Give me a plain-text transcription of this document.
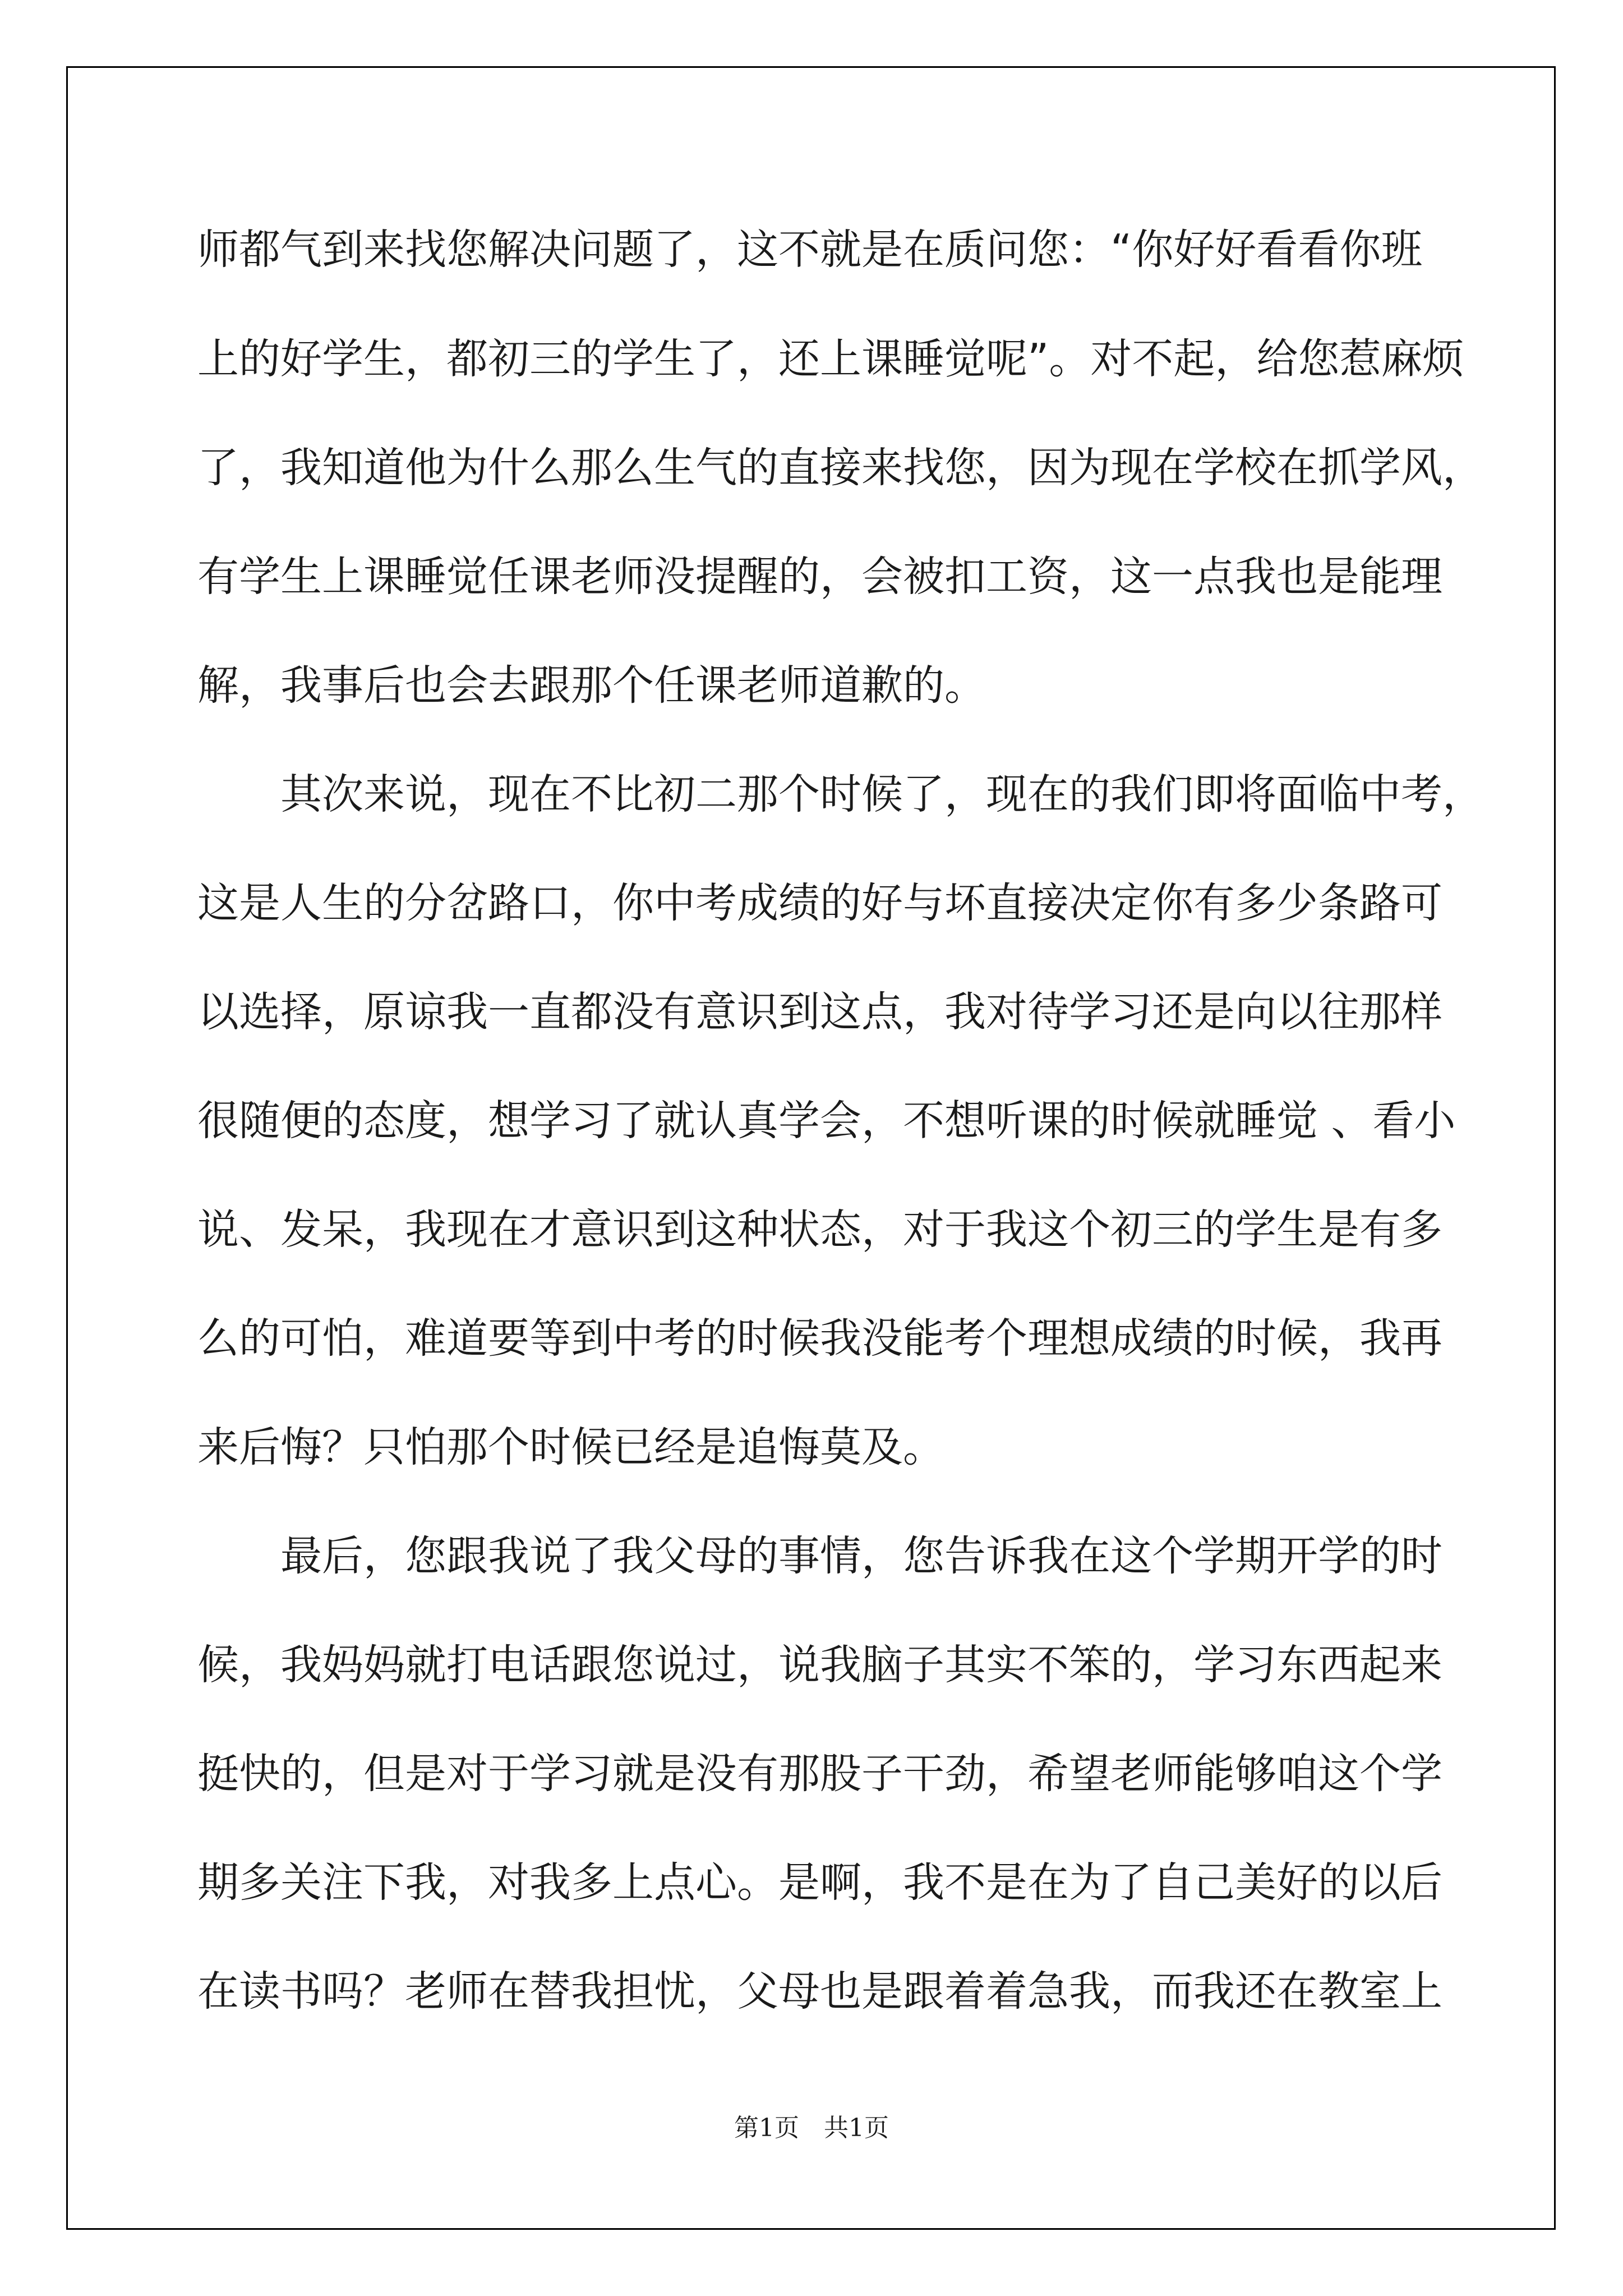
师都气到来找您解决问题了，这不就是在质问您：“你好好看看你班
上的好学生，都初三的学生了，还上课睡觉呢”。对不起，给您惹麻烦
了，我知道他为什么那么生气的直接来找您，因为现在学校在抓学风，
有学生上课睡觉任课老师没提醒的，会被扣工资，这一点我也是能理
解，我事后也会去跟那个任课老师道歉的。
　　其次来说，现在不比初二那个时候了，现在的我们即将面临中考，
这是人生的分岔路口，你中考成绩的好与坏直接决定你有多少条路可
以选择，原谅我一直都没有意识到这点，我对待学习还是向以往那样
很随便的态度，想学习了就认真学会，不想听课的时候就睡觉 、看小
说、发呆，我现在才意识到这种状态，对于我这个初三的学生是有多
么的可怕，难道要等到中考的时候我没能考个理想成绩的时候，我再
来后悔？只怕那个时候已经是追悔莫及。
　　最后，您跟我说了我父母的事情，您告诉我在这个学期开学的时
候，我妈妈就打电话跟您说过，说我脑子其实不笨的，学习东西起来
挺快的，但是对于学习就是没有那股子干劲，希望老师能够咱这个学
期多关注下我，对我多上点心。是啊，我不是在为了自己美好的以后
在读书吗？老师在替我担忧，父母也是跟着着急我，而我还在教室上
第1页　共1页
